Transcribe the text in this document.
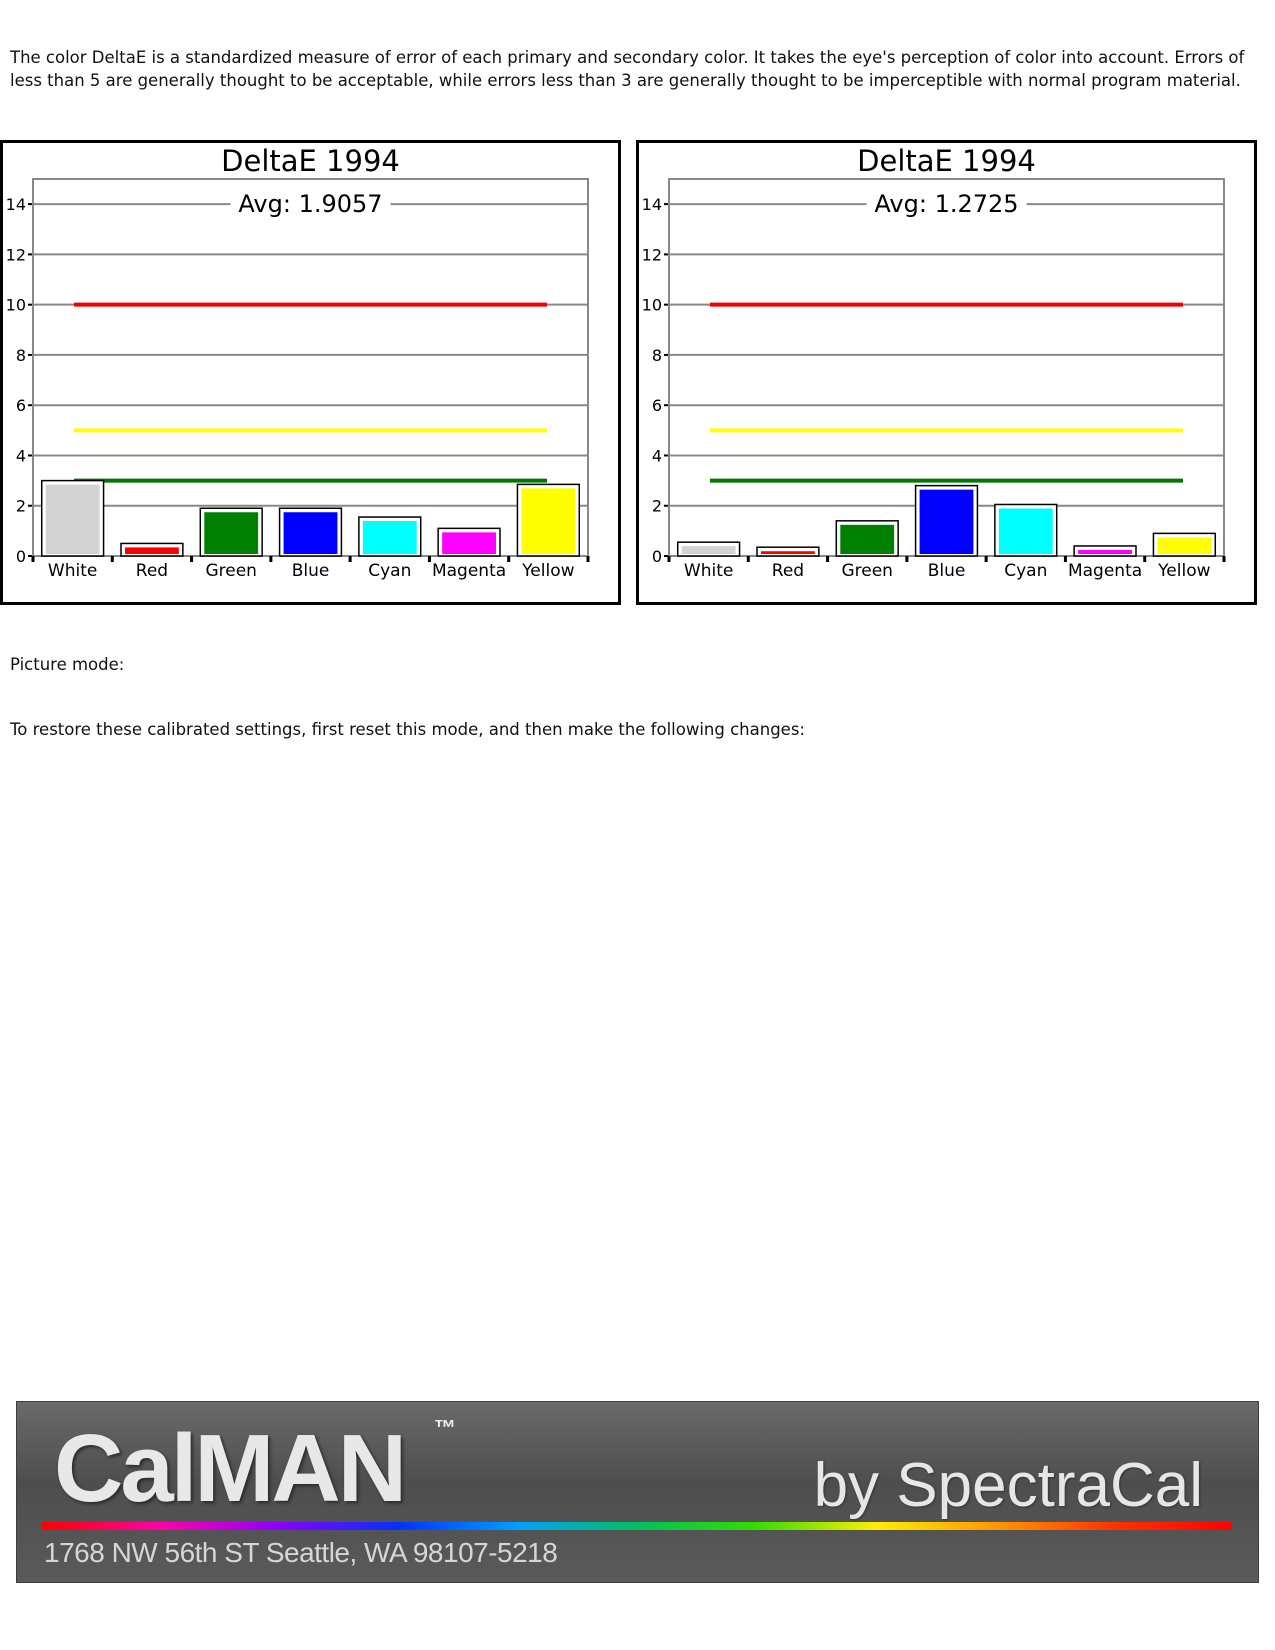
The color DeltaE is a standardized measure of error of each primary and secondary color. It takes the eye's perception of color into account. Errors of less than 5 are generally thought to be acceptable, while errors less than 3 are generally thought to be imperceptible with normal program material.

DeltaE 1994
0
2
4
6
8
10
12
14	Avg: 1.9057
White Red Green Blue Cyan Magenta Yellow
DeltaE 1994
0
2
4
6
8
10
12
14	Avg: 1.2725
White Red Green Blue Cyan Magenta Yellow

Picture mode:

To restore these calibrated settings, first reset this mode, and then make the following changes:

CalMAN ™
by SpectraCal
1768 NW 56th ST Seattle, WA 98107-5218
